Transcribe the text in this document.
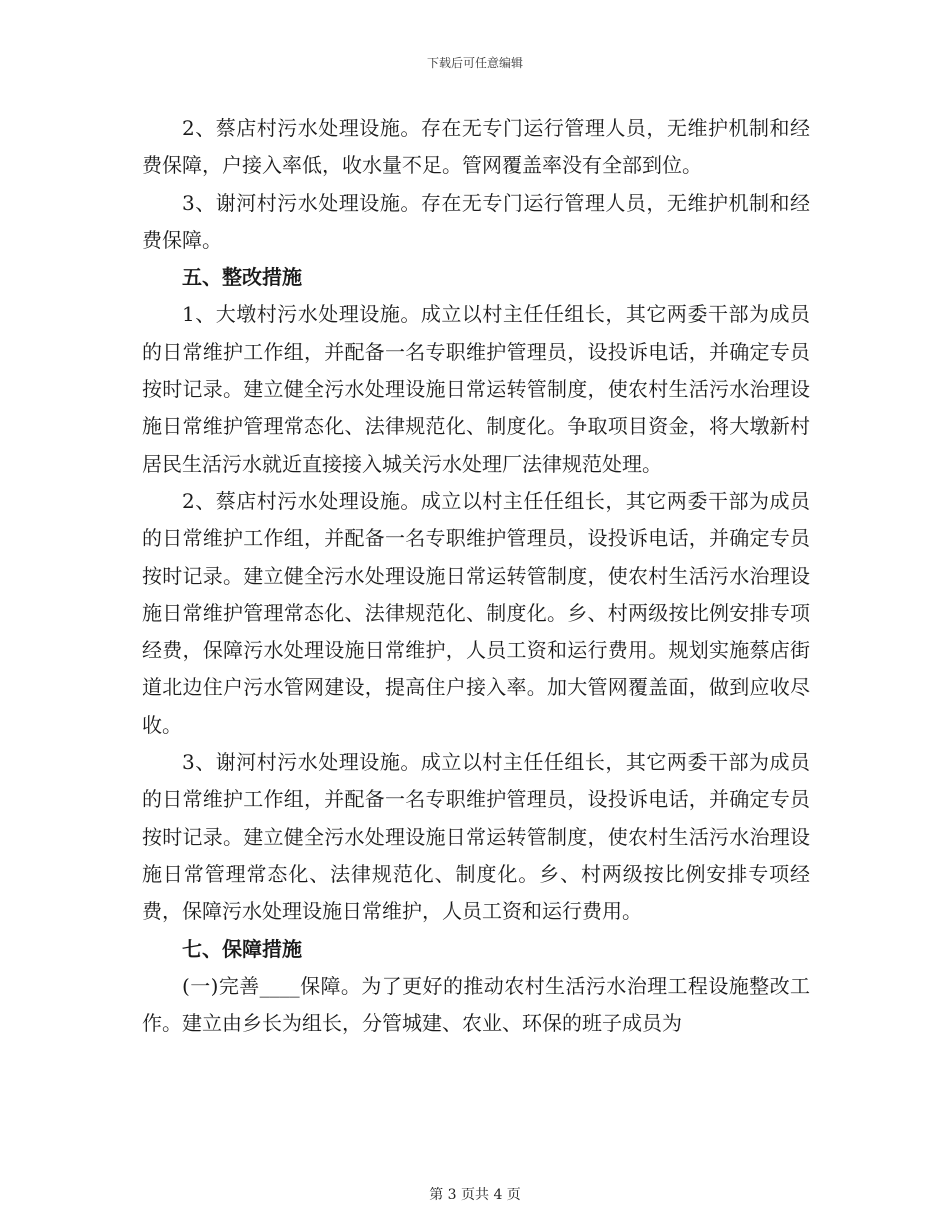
下载后可任意编辑

2、蔡店村污水处理设施。存在无专门运行管理人员，无维护机制和经费保障，户接入率低，收水量不足。管网覆盖率没有全部到位。

3、谢河村污水处理设施。存在无专门运行管理人员，无维护机制和经费保障。

五、整改措施

1、大墩村污水处理设施。成立以村主任任组长，其它两委干部为成员的日常维护工作组，并配备一名专职维护管理员，设投诉电话，并确定专员按时记录。建立健全污水处理设施日常运转管制度，使农村生活污水治理设施日常维护管理常态化、法律规范化、制度化。争取项目资金，将大墩新村居民生活污水就近直接接入城关污水处理厂法律规范处理。

2、蔡店村污水处理设施。成立以村主任任组长，其它两委干部为成员的日常维护工作组，并配备一名专职维护管理员，设投诉电话，并确定专员按时记录。建立健全污水处理设施日常运转管制度，使农村生活污水治理设施日常维护管理常态化、法律规范化、制度化。乡、村两级按比例安排专项经费，保障污水处理设施日常维护，人员工资和运行费用。规划实施蔡店街道北边住户污水管网建设，提高住户接入率。加大管网覆盖面，做到应收尽收。

3、谢河村污水处理设施。成立以村主任任组长，其它两委干部为成员的日常维护工作组，并配备一名专职维护管理员，设投诉电话，并确定专员按时记录。建立健全污水处理设施日常运转管制度，使农村生活污水治理设施日常管理常态化、法律规范化、制度化。乡、村两级按比例安排专项经费，保障污水处理设施日常维护，人员工资和运行费用。

七、保障措施

(一)完善____保障。为了更好的推动农村生活污水治理工程设施整改工作。建立由乡长为组长，分管城建、农业、环保的班子成员为

第 3 页共 4 页
